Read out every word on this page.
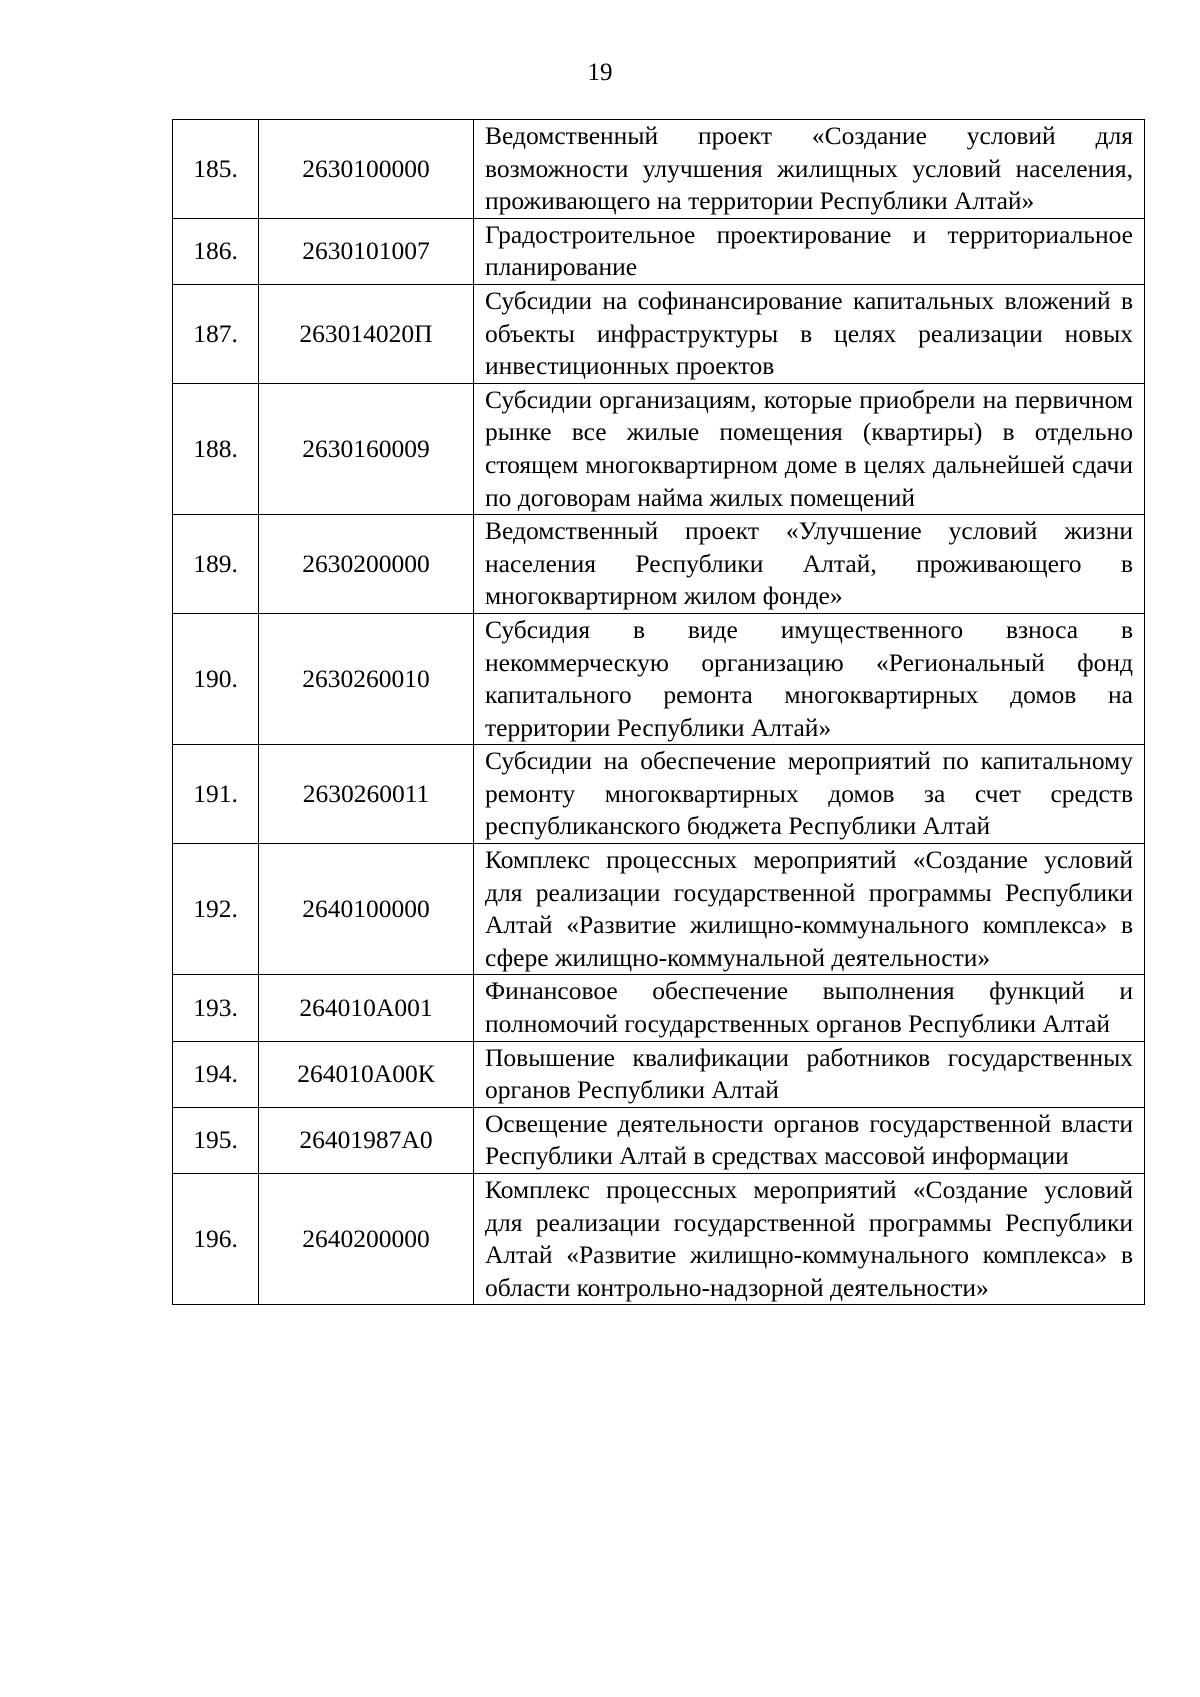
19
185.	2630100000	Ведомственный проект «Создание условий для возможности улучшения жилищных условий населения, проживающего на территории Республики Алтай»
186.	2630101007	Градостроительное проектирование и территориальное планирование
187.	263014020П	Субсидии на софинансирование капитальных вложений в объекты инфраструктуры в целях реализации новых инвестиционных проектов
188.	2630160009	Субсидии организациям, которые приобрели на первичном рынке все жилые помещения (квартиры) в отдельно стоящем многоквартирном доме в целях дальнейшей сдачи по договорам найма жилых помещений
189.	2630200000	Ведомственный проект «Улучшение условий жизни населения Республики Алтай, проживающего в многоквартирном жилом фонде»
190.	2630260010	Субсидия в виде имущественного взноса в некоммерческую организацию «Региональный фонд капитального ремонта многоквартирных домов на территории Республики Алтай»
191.	2630260011	Субсидии на обеспечение мероприятий по капитальному ремонту многоквартирных домов за счет средств республиканского бюджета Республики Алтай
192.	2640100000	Комплекс процессных мероприятий «Создание условий для реализации государственной программы Республики Алтай «Развитие жилищно-коммунального комплекса» в сфере жилищно-коммунальной деятельности»
193.	264010А001	Финансовое обеспечение выполнения функций и полномочий государственных органов Республики Алтай
194.	264010А00К	Повышение квалификации работников государственных органов Республики Алтай
195.	26401987А0	Освещение деятельности органов государственной власти Республики Алтай в средствах массовой информации
196.	2640200000	Комплекс процессных мероприятий «Создание условий для реализации государственной программы Республики Алтай «Развитие жилищно-коммунального комплекса» в области контрольно-надзорной деятельности»
